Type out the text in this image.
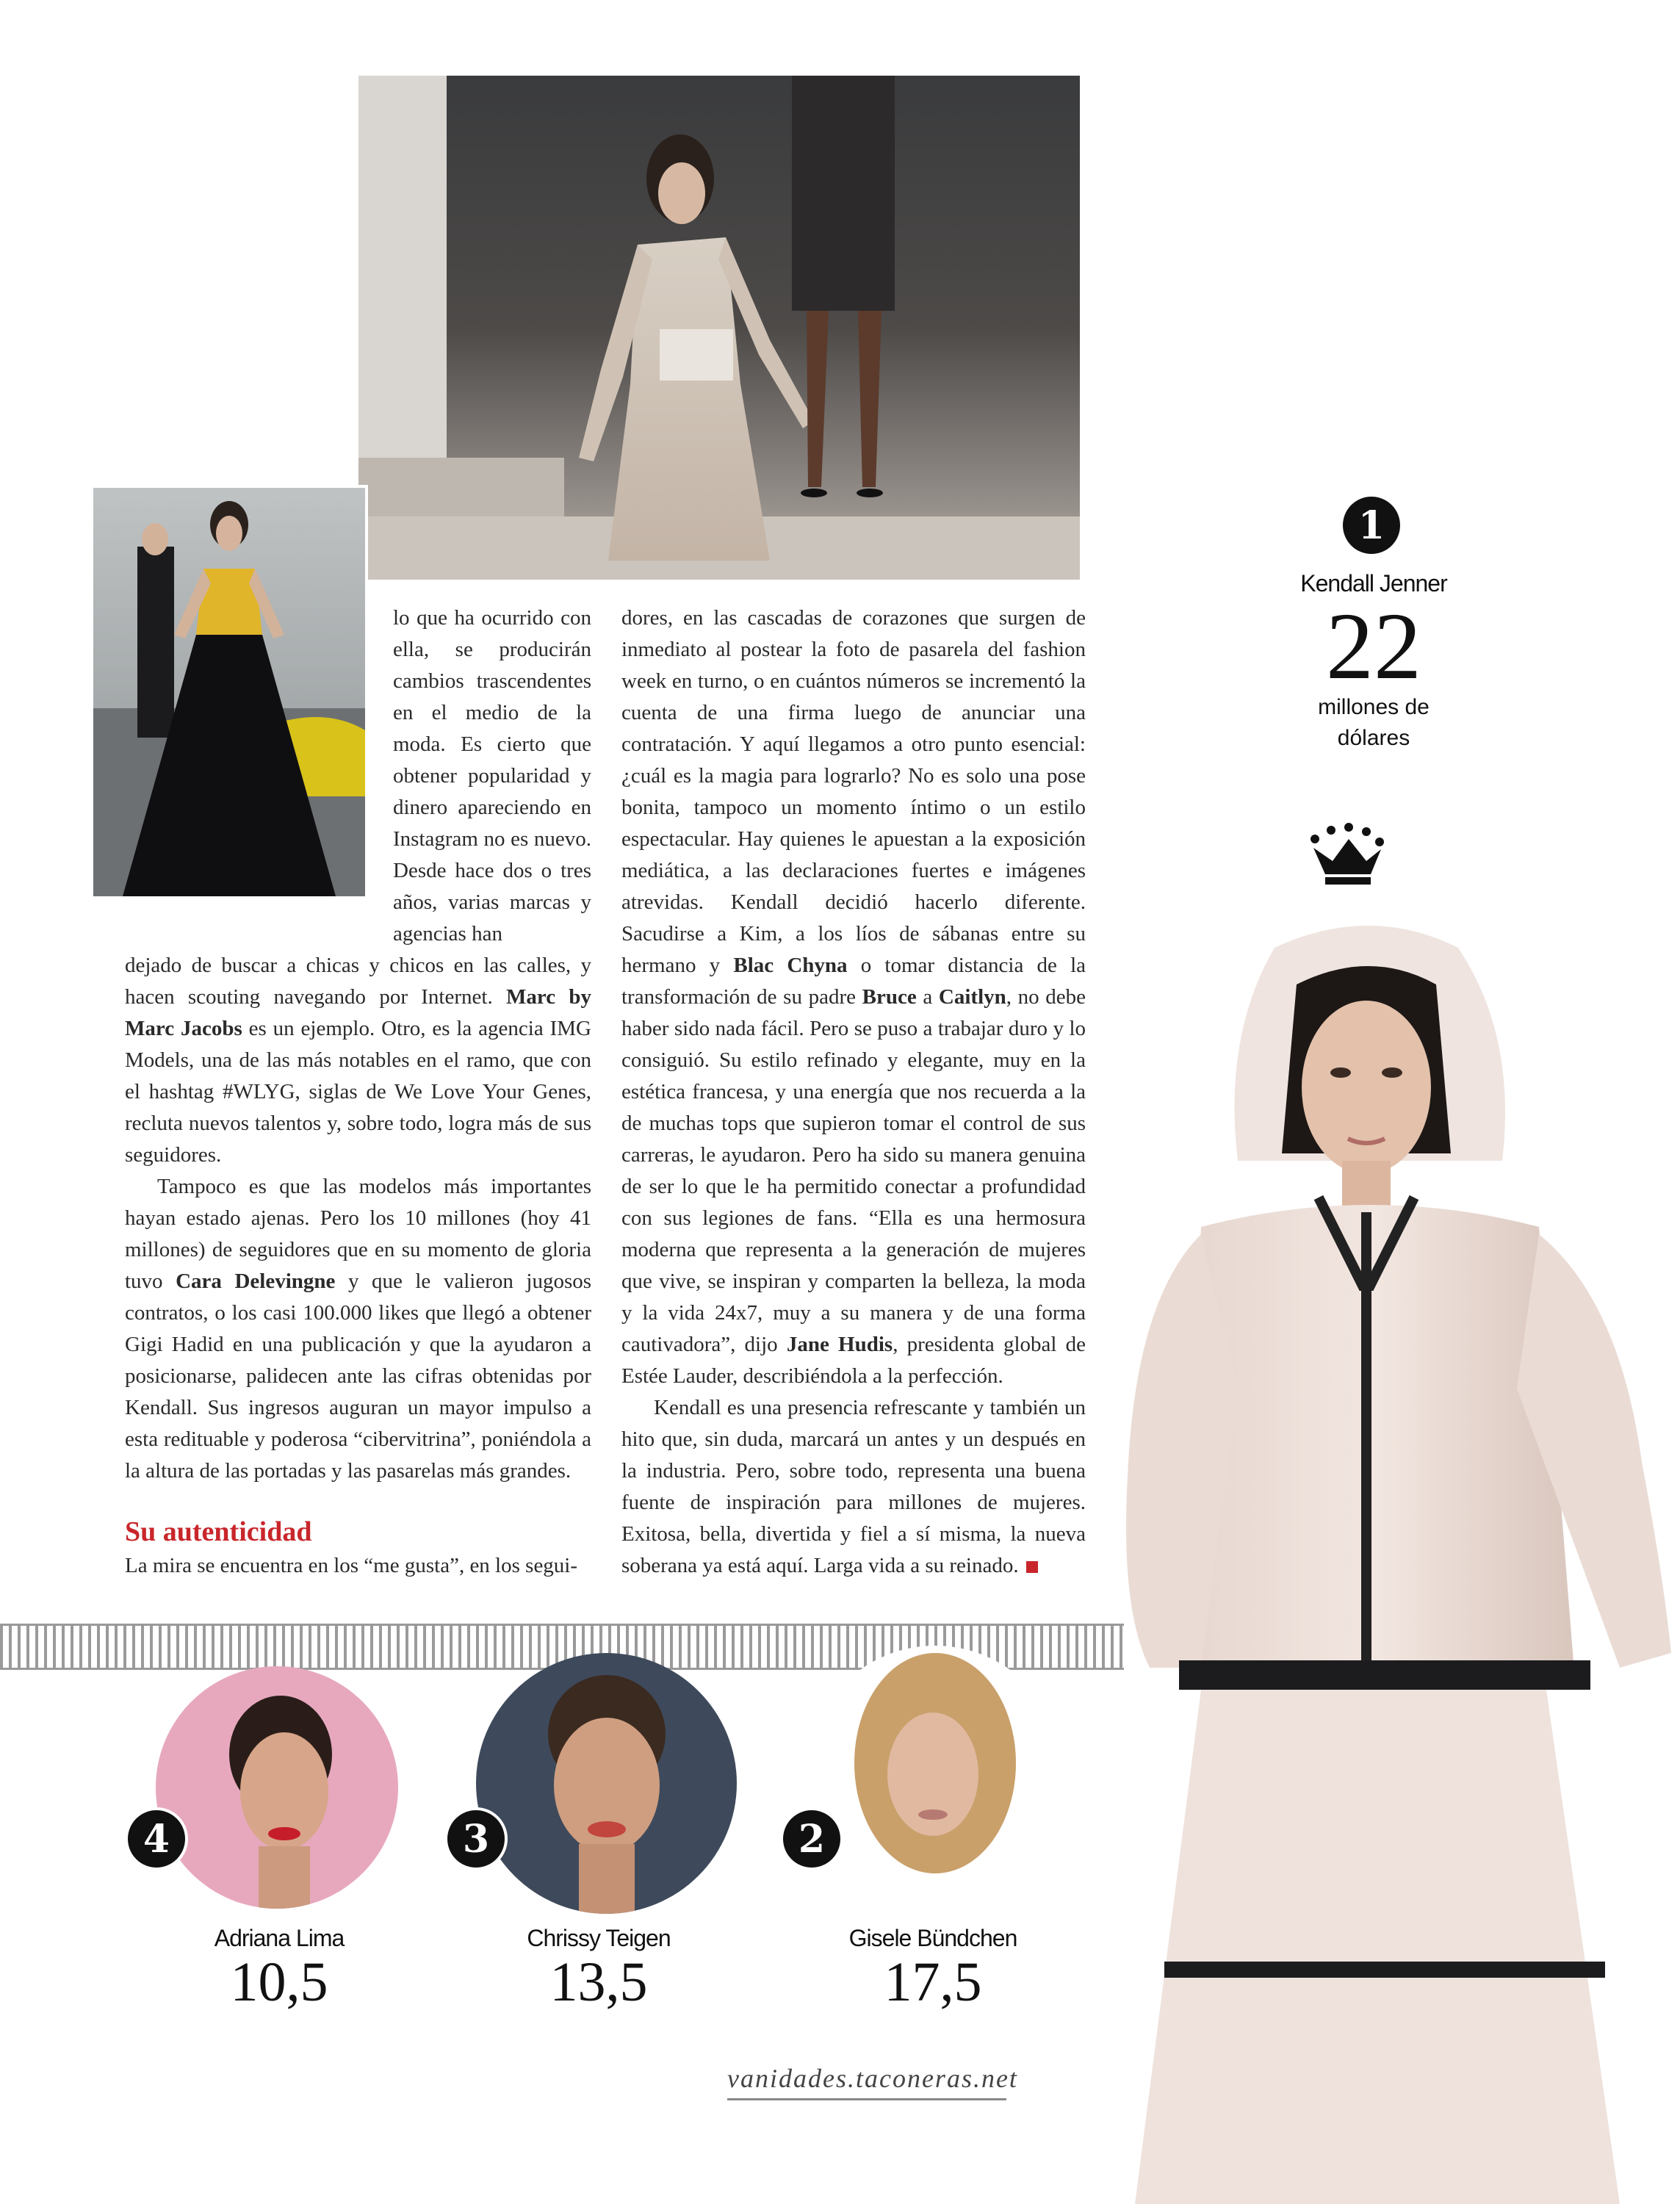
lo que ha ocurrido con ella, se producirán cambios trascendentes en el medio de la moda. Es cierto que obtener popularidad y dinero apareciendo en Instagram no es nuevo. Desde hace dos o tres años, varias marcas y agencias han

dejado de buscar a chicas y chicos en las calles, y hacen scouting navegando por Internet. Marc by Marc Jacobs es un ejemplo. Otro, es la agencia IMG Models, una de las más notables en el ramo, que con el hashtag #WLYG, siglas de We Love Your Genes, recluta nuevos talentos y, sobre todo, logra más de sus seguidores.

Tampoco es que las modelos más importantes hayan estado ajenas. Pero los 10 millones (hoy 41 millones) de seguidores que en su momento de gloria tuvo Cara Delevingne y que le valieron jugosos contratos, o los casi 100.000 likes que llegó a obtener Gigi Hadid en una publicación y que la ayudaron a posicionarse, palidecen ante las cifras obtenidas por Kendall. Sus ingresos auguran un mayor impulso a esta redituable y poderosa “cibervitrina”, poniéndola a la altura de las portadas y las pasarelas más grandes.

Su autenticidad

La mira se encuentra en los “me gusta”, en los segui-

dores, en las cascadas de corazones que surgen de inmediato al postear la foto de pasarela del fashion week en turno, o en cuántos números se incrementó la cuenta de una firma luego de anunciar una contratación. Y aquí llegamos a otro punto esencial: ¿cuál es la magia para lograrlo? No es solo una pose bonita, tampoco un momento íntimo o un estilo espectacular. Hay quienes le apuestan a la exposición mediática, a las declaraciones fuertes e imágenes atrevidas. Kendall decidió hacerlo diferente. Sacudirse a Kim, a los líos de sábanas entre su hermano y Blac Chyna o tomar distancia de la transformación de su padre Bruce a Caitlyn, no debe haber sido nada fácil. Pero se puso a trabajar duro y lo consiguió. Su estilo refinado y elegante, muy en la estética francesa, y una energía que nos recuerda a la de muchas tops que supieron tomar el control de sus carreras, le ayudaron. Pero ha sido su manera genuina de ser lo que le ha permitido conectar a profundidad con sus legiones de fans. “Ella es una hermosura moderna que representa a la generación de mujeres que vive, se inspiran y comparten la belleza, la moda y la vida 24x7, muy a su manera y de una forma cautivadora”, dijo Jane Hudis, presidenta global de Estée Lauder, describiéndola a la perfección.

Kendall es una presencia refrescante y también un hito que, sin duda, marcará un antes y un después en la industria. Pero, sobre todo, representa una buena fuente de inspiración para millones de mujeres. Exitosa, bella, divertida y fiel a sí misma, la nueva soberana ya está aquí. Larga vida a su reinado.

1
Kendall Jenner
22
millones de dólares
4	3	2
Adriana Lima
10,5
Chrissy Teigen
13,5
Gisele Bündchen
17,5
vanidades.taconeras.net
